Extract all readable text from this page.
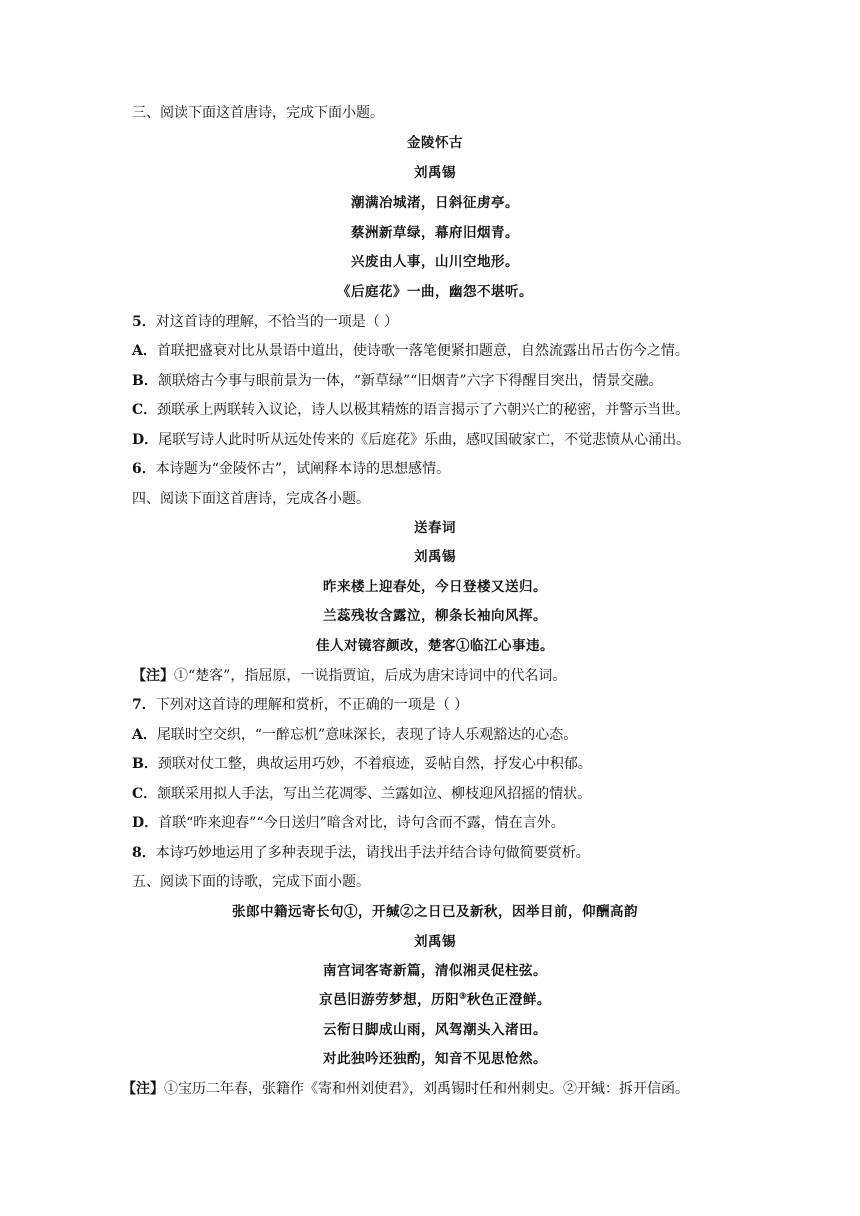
三、阅读下面这首唐诗，完成下面小题。
金陵怀古
刘禹锡
潮满冶城渚，日斜征虏亭。
蔡洲新草绿，幕府旧烟青。
兴废由人事，山川空地形。
《后庭花》一曲，幽怨不堪听。
5．对这首诗的理解，不恰当的一项是（ ）
A．首联把盛衰对比从景语中道出，使诗歌一落笔便紧扣题意，自然流露出吊古伤今之情。
B．颔联熔古今事与眼前景为一体，“新草绿”“旧烟青”六字下得醒目突出，情景交融。
C．颈联承上两联转入议论，诗人以极其精炼的语言揭示了六朝兴亡的秘密，并警示当世。
D．尾联写诗人此时听从远处传来的《后庭花》乐曲，感叹国破家亡，不觉悲愤从心涌出。
6．本诗题为“金陵怀古”，试阐释本诗的思想感情。
四、阅读下面这首唐诗，完成各小题。
送春词
刘禹锡
昨来楼上迎春处，今日登楼又送归。
兰蕊残妆含露泣，柳条长袖向风挥。
佳人对镜容颜改，楚客①临江心事违。
【注】①“楚客”，指屈原，一说指贾谊，后成为唐宋诗词中的代名词。
7．下列对这首诗的理解和赏析，不正确的一项是（ ）
A．尾联时空交织，“一醉忘机”意味深长，表现了诗人乐观豁达的心态。
B．颈联对仗工整，典故运用巧妙，不着痕迹，妥帖自然，抒发心中积郁。
C．颔联采用拟人手法，写出兰花凋零、兰露如泣、柳枝迎风招摇的情状。
D．首联“昨来迎春”“今日送归”暗含对比，诗句含而不露，情在言外。
8．本诗巧妙地运用了多种表现手法，请找出手法并结合诗句做简要赏析。
五、阅读下面的诗歌，完成下面小题。
张郎中籍远寄长句①，开缄②之日已及新秋，因举目前，仰酬高韵
刘禹锡
南宫词客寄新篇，清似湘灵促柱弦。
京邑旧游劳梦想，历阳③秋色正澄鲜。
云衔日脚成山雨，风驾潮头入渚田。
对此独吟还独酌，知音不见思怆然。
【注】①宝历二年春，张籍作《寄和州刘使君》，刘禹锡时任和州刺史。②开缄：拆开信函。
